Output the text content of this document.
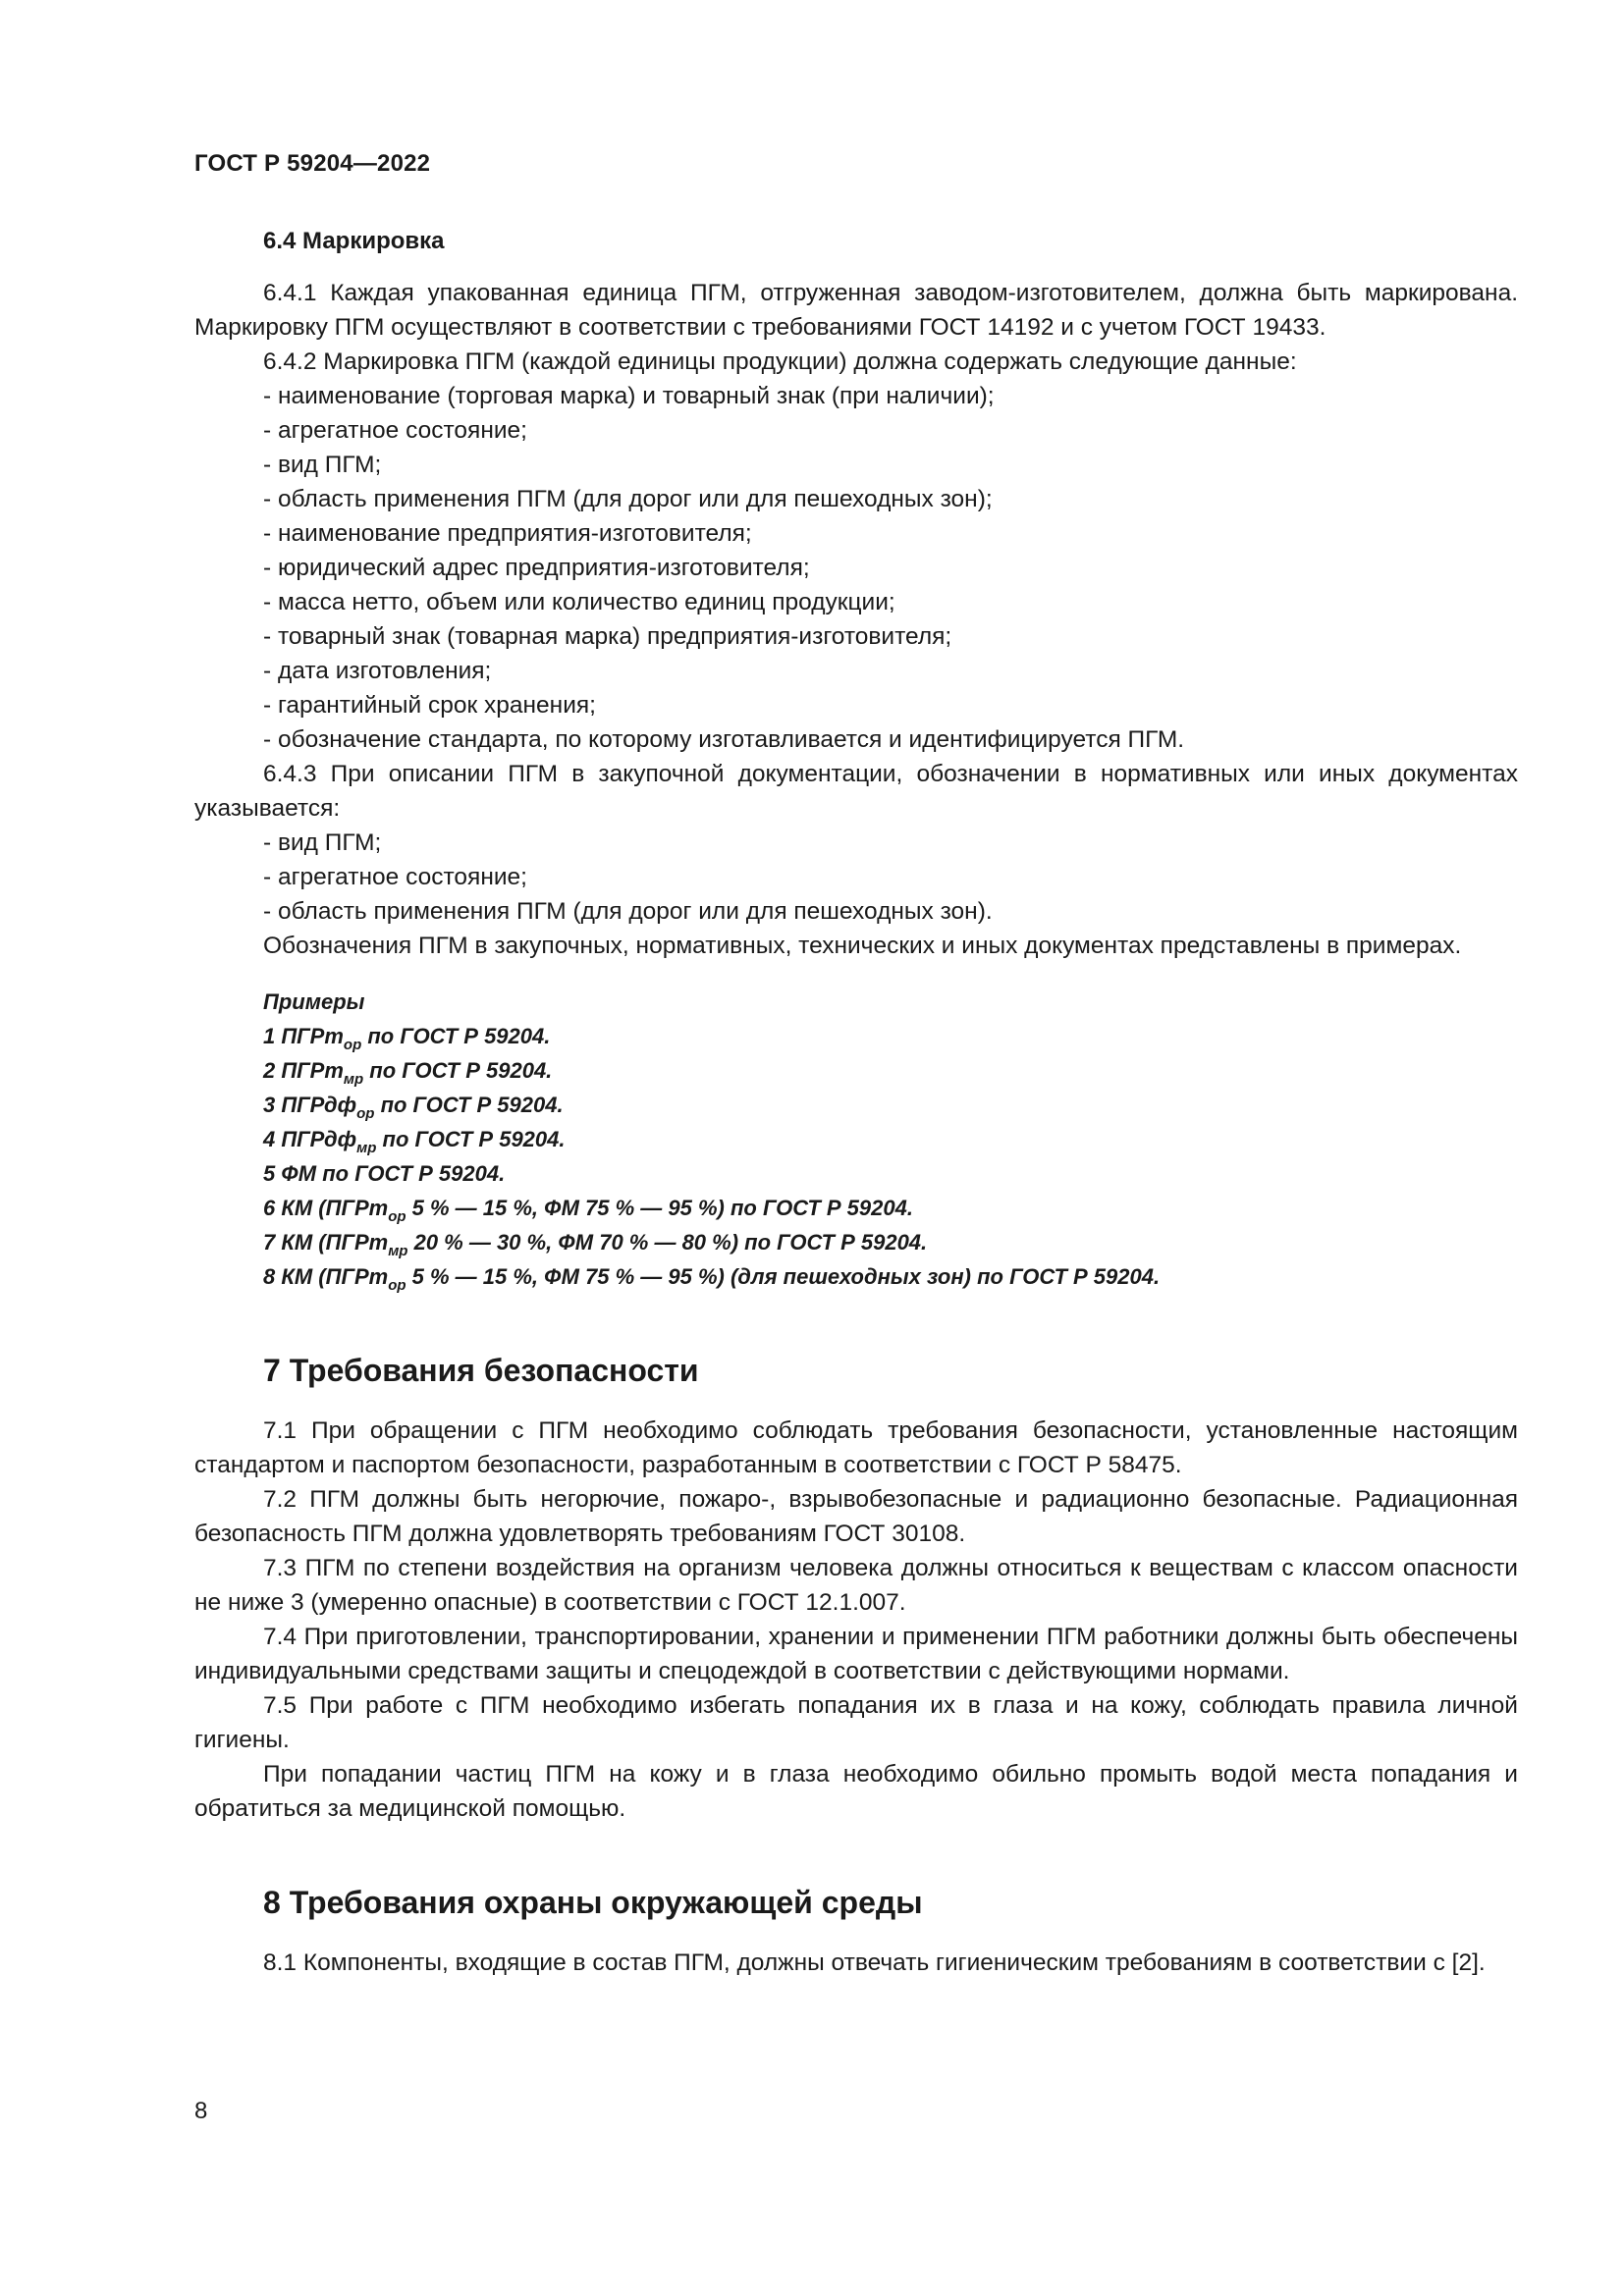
ГОСТ Р 59204—2022
6.4 Маркировка

6.4.1 Каждая упакованная единица ПГМ, отгруженная заводом-изготовителем, должна быть маркирована. Маркировку ПГМ осуществляют в соответствии с требованиями ГОСТ 14192 и с учетом ГОСТ 19433.

6.4.2 Маркировка ПГМ (каждой единицы продукции) должна содержать следующие данные:

- наименование (торговая марка) и товарный знак (при наличии);

- агрегатное состояние;

- вид ПГМ;

- область применения ПГМ (для дорог или для пешеходных зон);

- наименование предприятия-изготовителя;

- юридический адрес предприятия-изготовителя;

- масса нетто, объем или количество единиц продукции;

- товарный знак (товарная марка) предприятия-изготовителя;

- дата изготовления;

- гарантийный срок хранения;

- обозначение стандарта, по которому изготавливается и идентифицируется ПГМ.

6.4.3 При описании ПГМ в закупочной документации, обозначении в нормативных или иных документах указывается:

- вид ПГМ;

- агрегатное состояние;

- область применения ПГМ (для дорог или для пешеходных зон).

Обозначения ПГМ в закупочных, нормативных, технических и иных документах представлены в примерах.

Примеры

1 ПГРт$_{ор}$ по ГОСТ Р 59204.

2 ПГРт$_{мр}$ по ГОСТ Р 59204.

3 ПГРдф$_{ор}$ по ГОСТ Р 59204.

4 ПГРдф$_{мр}$ по ГОСТ Р 59204.

5 ФМ по ГОСТ Р 59204.

6 КМ (ПГРт$_{ор}$ 5 % — 15 %, ФМ 75 % — 95 %) по ГОСТ Р 59204.

7 КМ (ПГРт$_{мр}$ 20 % — 30 %, ФМ 70 % — 80 %) по ГОСТ Р 59204.

8 КМ (ПГРт$_{ор}$ 5 % — 15 %, ФМ 75 % — 95 %) (для пешеходных зон) по ГОСТ Р 59204.

7 Требования безопасности

7.1 При обращении с ПГМ необходимо соблюдать требования безопасности, установленные настоящим стандартом и паспортом безопасности, разработанным в соответствии с ГОСТ Р 58475.

7.2 ПГМ должны быть негорючие, пожаро-, взрывобезопасные и радиационно безопасные. Радиационная безопасность ПГМ должна удовлетворять требованиям ГОСТ 30108.

7.3 ПГМ по степени воздействия на организм человека должны относиться к веществам с классом опасности не ниже 3 (умеренно опасные) в соответствии с ГОСТ 12.1.007.

7.4 При приготовлении, транспортировании, хранении и применении ПГМ работники должны быть обеспечены индивидуальными средствами защиты и спецодеждой в соответствии с действующими нормами.

7.5 При работе с ПГМ необходимо избегать попадания их в глаза и на кожу, соблюдать правила личной гигиены.

При попадании частиц ПГМ на кожу и в глаза необходимо обильно промыть водой места попадания и обратиться за медицинской помощью.

8 Требования охраны окружающей среды

8.1 Компоненты, входящие в состав ПГМ, должны отвечать гигиеническим требованиям в соответствии с [2].

8
